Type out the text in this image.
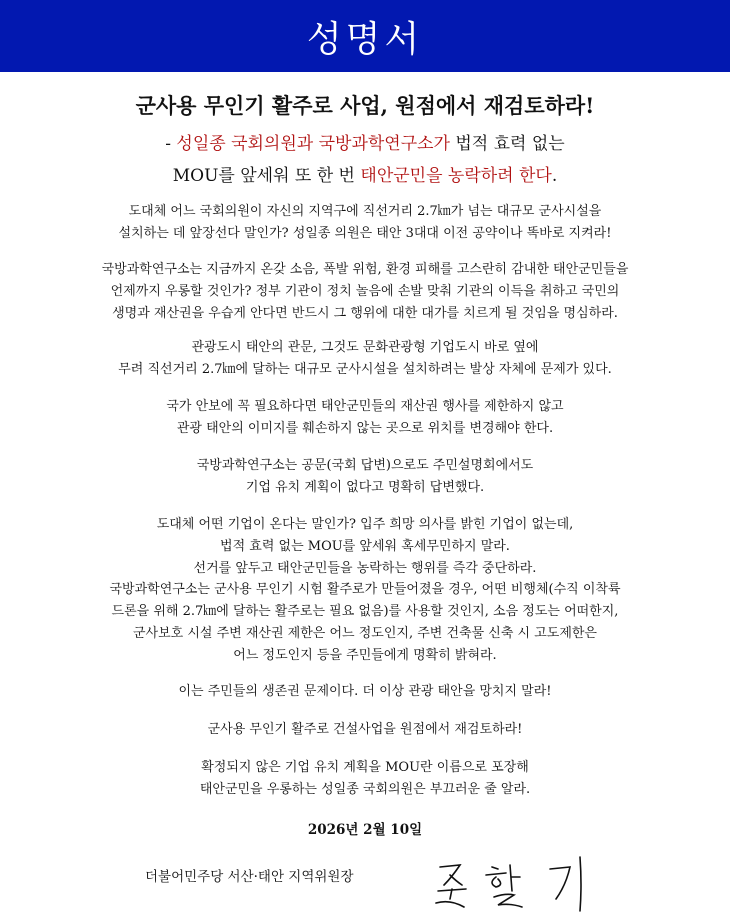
성명서
군사용 무인기 활주로 사업, 원점에서 재검토하라!
- 성일종 국회의원과 국방과학연구소가 법적 효력 없는
MOU를 앞세워 또 한 번 태안군민을 농락하려 한다.
도대체 어느 국회의원이 자신의 지역구에 직선거리 2.7㎞가 넘는 대규모 군사시설을
설치하는 데 앞장선다 말인가? 성일종 의원은 태안 3대대 이전 공약이나 똑바로 지켜라!
국방과학연구소는 지금까지 온갖 소음, 폭발 위험, 환경 피해를 고스란히 감내한 태안군민들을
언제까지 우롱할 것인가? 정부 기관이 정치 놀음에 손발 맞춰 기관의 이득을 취하고 국민의
생명과 재산권을 우습게 안다면 반드시 그 행위에 대한 대가를 치르게 될 것임을 명심하라.
관광도시 태안의 관문, 그것도 문화관광형 기업도시 바로 옆에
무려 직선거리 2.7㎞에 달하는 대규모 군사시설을 설치하려는 발상 자체에 문제가 있다.
국가 안보에 꼭 필요하다면 태안군민들의 재산권 행사를 제한하지 않고
관광 태안의 이미지를 훼손하지 않는 곳으로 위치를 변경해야 한다.
국방과학연구소는 공문(국회 답변)으로도 주민설명회에서도
기업 유치 계획이 없다고 명확히 답변했다.
도대체 어떤 기업이 온다는 말인가? 입주 희망 의사를 밝힌 기업이 없는데,
법적 효력 없는 MOU를 앞세워 혹세무민하지 말라.
선거를 앞두고 태안군민들을 농락하는 행위를 즉각 중단하라.
국방과학연구소는 군사용 무인기 시험 활주로가 만들어졌을 경우, 어떤 비행체(수직 이착륙
드론을 위해 2.7㎞에 달하는 활주로는 필요 없음)를 사용할 것인지, 소음 정도는 어떠한지,
군사보호 시설 주변 재산권 제한은 어느 정도인지, 주변 건축물 신축 시 고도제한은
어느 정도인지 등을 주민들에게 명확히 밝혀라.
이는 주민들의 생존권 문제이다. 더 이상 관광 태안을 망치지 말라!
군사용 무인기 활주로 건설사업을 원점에서 재검토하라!
확정되지 않은 기업 유치 계획을 MOU란 이름으로 포장해
태안군민을 우롱하는 성일종 국회의원은 부끄러운 줄 알라.
2026년 2월 10일
더불어민주당 서산·태안 지역위원장
